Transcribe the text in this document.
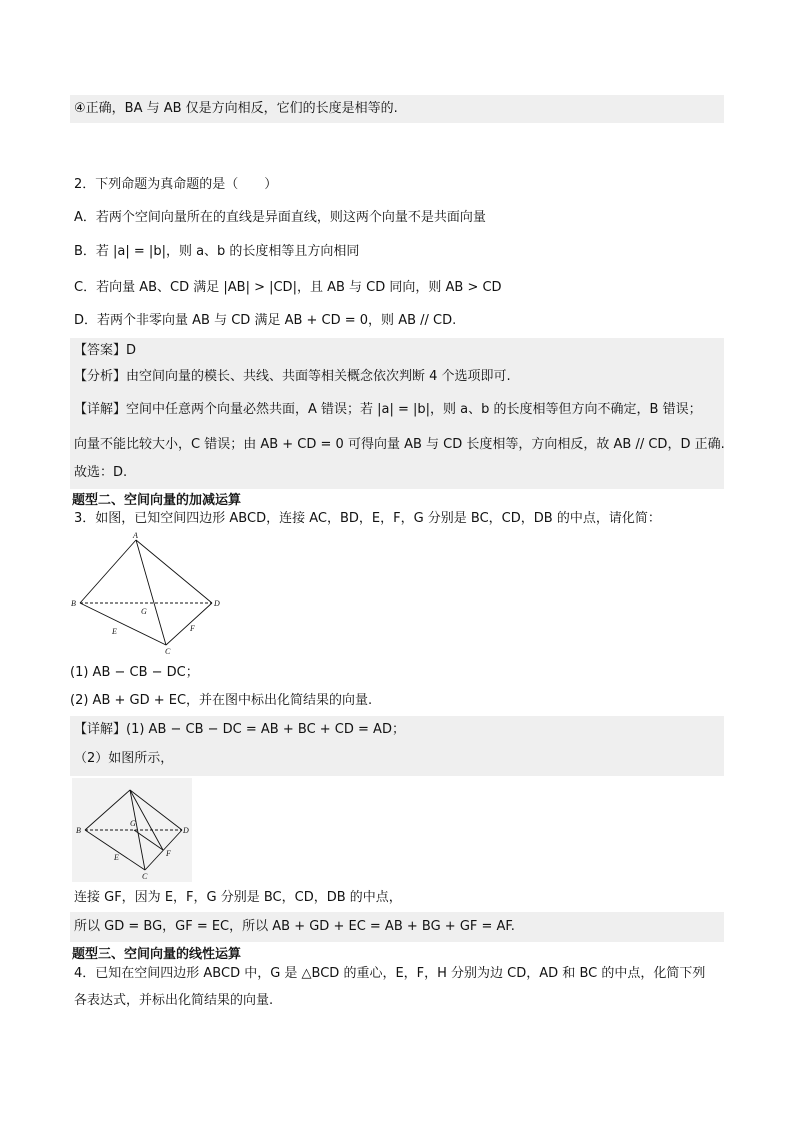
④正确，BA 与 AB 仅是方向相反，它们的长度是相等的.
2．下列命题为真命题的是（　　）
A．若两个空间向量所在的直线是异面直线，则这两个向量不是共面向量
B．若 |a| = |b|，则 a、b 的长度相等且方向相同
C．若向量 AB、CD 满足 |AB| > |CD|，且 AB 与 CD 同向，则 AB > CD
D．若两个非零向量 AB 与 CD 满足 AB + CD = 0，则 AB // CD.
【答案】D
【分析】由空间向量的模长、共线、共面等相关概念依次判断 4 个选项即可.
【详解】空间中任意两个向量必然共面，A 错误；若 |a| = |b|，则 a、b 的长度相等但方向不确定，B 错误；
向量不能比较大小，C 错误；由 AB + CD = 0 可得向量 AB 与 CD 长度相等，方向相反，故 AB // CD，D 正确.
故选：D.
题型二、空间向量的加减运算
3．如图，已知空间四边形 ABCD，连接 AC，BD，E，F，G 分别是 BC，CD，DB 的中点，请化简：
A
B	D
G
E	F
C
(1) AB − CB − DC；
(2) AB + GD + EC，并在图中标出化简结果的向量.
【详解】(1) AB − CB − DC = AB + BC + CD = AD；
（2）如图所示，
B
G
D
E	F
C
连接 GF，因为 E，F，G 分别是 BC，CD，DB 的中点，
所以 GD = BG，GF = EC，所以 AB + GD + EC = AB + BG + GF = AF.
题型三、空间向量的线性运算
4．已知在空间四边形 ABCD 中，G 是 △BCD 的重心，E，F，H 分别为边 CD，AD 和 BC 的中点，化简下列
各表达式，并标出化简结果的向量.
